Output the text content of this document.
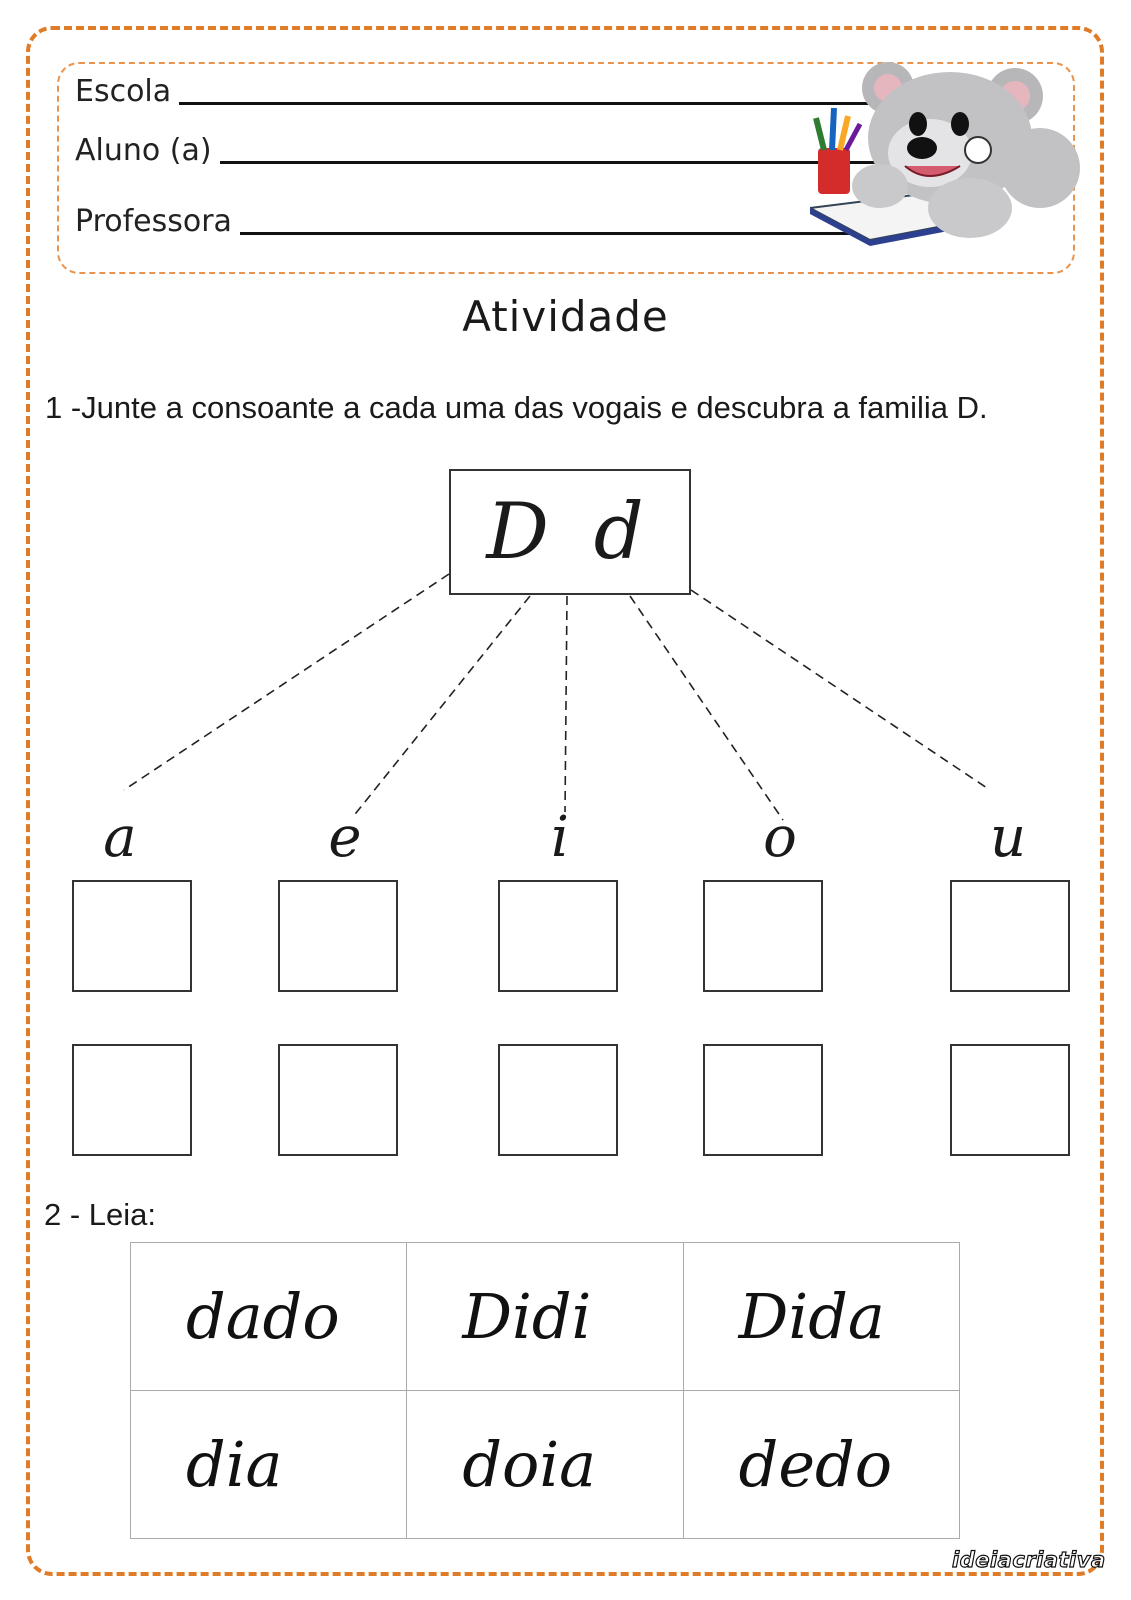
Escola
Aluno (a)
Professora
Atividade
1 -Junte a consoante a cada uma das vogais e descubra a familia D.
D d
a	e	i	o	u
2 - Leia:
dado	Didi	Dida
dia	doia	dedo
ideiacriativa
